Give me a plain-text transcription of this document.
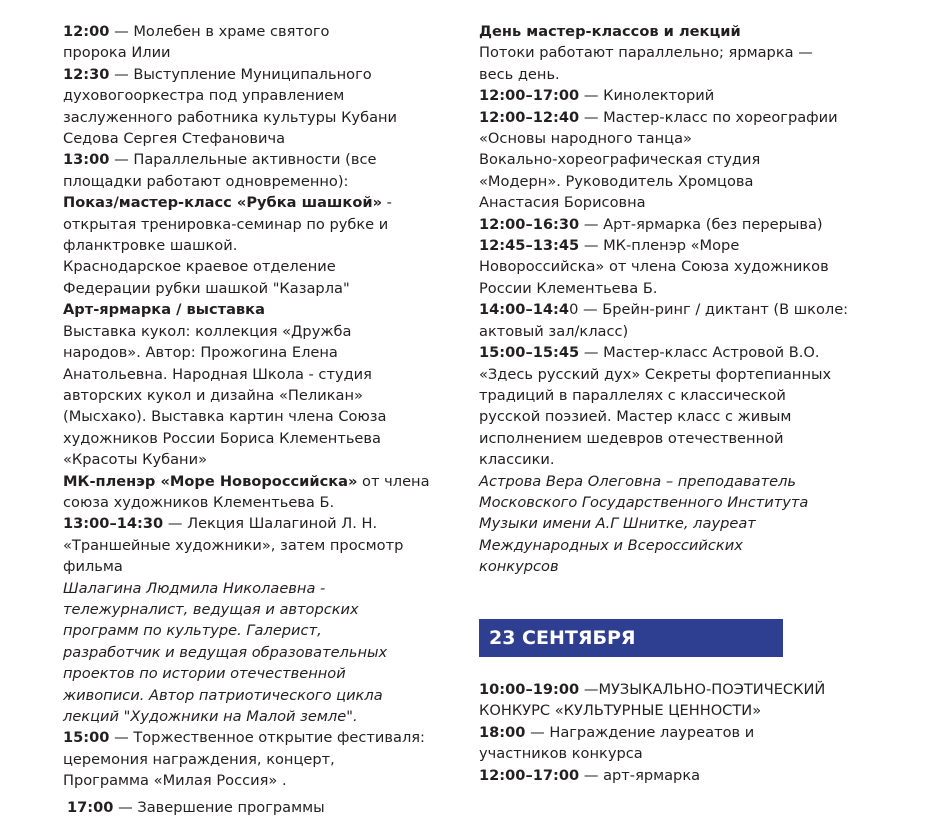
12:00 — Молебен в храме святого

пророка Илии

12:30 — Выступление Муниципального

духовогооркестра под управлением

заслуженного работника культуры Кубани

Седова Сергея Стефановича

13:00 — Параллельные активности (все

площадки работают одновременно):

Показ/мастер-класс «Рубка шашкой» -

открытая тренировка-семинар по рубке и

фланктровке шашкой.

Краснодарское краевое отделение

Федерации рубки шашкой "Казарла"

Арт-ярмарка / выставка

Выставка кукол: коллекция «Дружба

народов». Автор: Прожогина Елена

Анатольевна. Народная Школа - студия

авторских кукол и дизайна «Пеликан»

(Мысхако). Выставка картин члена Союза

художников России Бориса Клементьева

«Красоты Кубани»

МК-пленэр «Море Новороссийска» от члена

союза художников Клементьева Б.

13:00–14:30 — Лекция Шалагиной Л. Н.

«Траншейные художники», затем просмотр

фильма

Шалагина Людмила Николаевна -

тележурналист, ведущая и авторских

программ по культуре. Галерист,

разработчик и ведущая образовательных

проектов по истории отечественной

живописи. Автор патриотического цикла

лекций "Художники на Малой земле".

15:00 — Торжественное открытие фестиваля:

церемония награждения, концерт,

Программа «Милая Россия» .

17:00 — Завершение программы

День мастер-классов и лекций

Потоки работают параллельно; ярмарка —

весь день.

12:00–17:00 — Кинолекторий

12:00–12:40 — Мастер-класс по хореографии

«Основы народного танца»

Вокально-хореографическая студия

«Модерн». Руководитель Хромцова

Анастасия Борисовна

12:00–16:30 — Арт-ярмарка (без перерыва)

12:45–13:45 — МК-пленэр «Море

Новороссийска» от члена Союза художников

России Клементьева Б.

14:00–14:40 — Брейн-ринг / диктант (В школе:

актовый зал/класс)

15:00–15:45 — Мастер-класс Астровой В.О.

«Здесь русский дух» Секреты фортепианных

традиций в параллелях с классической

русской поэзией. Мастер класс с живым

исполнением шедевров отечественной

классики.

Астрова Вера Олеговна – преподаватель

Московского Государственного Института

Музыки имени А.Г Шнитке, лауреат

Международных и Всероссийских

конкурсов

23 СЕНТЯБРЯ

10:00–19:00 —МУЗЫКАЛЬНО-ПОЭТИЧЕСКИЙ

КОНКУРС «КУЛЬТУРНЫЕ ЦЕННОСТИ»

18:00 — Награждение лауреатов и

участников конкурса

12:00–17:00 — арт-ярмарка
